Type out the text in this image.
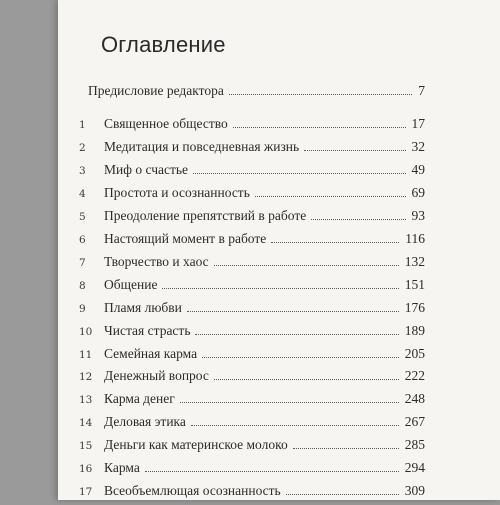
Оглавление
Предисловие редактора	7
1 Священное общество	17
2 Медитация и повседневная жизнь	32
3 Миф о счастье	49
4 Простота и осознанность	69
5 Преодоление препятствий в работе	93
6 Настоящий момент в работе	116
7 Творчество и хаос	132
8 Общение	151
9 Пламя любви	176
10 Чистая страсть	189
11 Семейная карма	205
12 Денежный вопрос	222
13 Карма денег	248
14 Деловая этика	267
15 Деньги как материнское молоко	285
16 Карма	294
17 Всеобъемлющая осознанность	309
